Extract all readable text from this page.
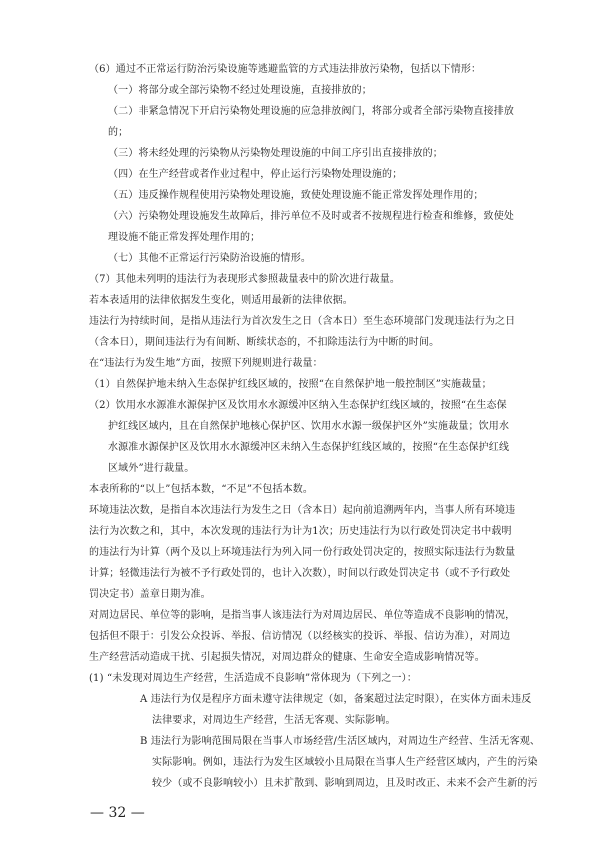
（6）通过不正常运行防治污染设施等逃避监管的方式违法排放污染物，包括以下情形：
（一）将部分或全部污染物不经过处理设施，直接排放的；
（二）非紧急情况下开启污染物处理设施的应急排放阀门，将部分或者全部污染物直接排放
的；
（三）将未经处理的污染物从污染物处理设施的中间工序引出直接排放的；
（四）在生产经营或者作业过程中，停止运行污染物处理设施的；
（五）违反操作规程使用污染物处理设施，致使处理设施不能正常发挥处理作用的；
（六）污染物处理设施发生故障后，排污单位不及时或者不按规程进行检查和维修，致使处
理设施不能正常发挥处理作用的；
（七）其他不正常运行污染防治设施的情形。
（7）其他未列明的违法行为表现形式参照裁量表中的阶次进行裁量。
若本表适用的法律依据发生变化，则适用最新的法律依据。
违法行为持续时间，是指从违法行为首次发生之日（含本日）至生态环境部门发现违法行为之日
（含本日），期间违法行为有间断、断续状态的，不扣除违法行为中断的时间。
在“违法行为发生地”方面，按照下列规则进行裁量：
（1）自然保护地未纳入生态保护红线区域的，按照“在自然保护地一般控制区”实施裁量；
（2）饮用水水源准水源保护区及饮用水水源缓冲区纳入生态保护红线区域的，按照“在生态保
护红线区域内，且在自然保护地核心保护区、饮用水水源一级保护区外”实施裁量；饮用水
水源准水源保护区及饮用水水源缓冲区未纳入生态保护红线区域的，按照“在生态保护红线
区域外”进行裁量。
本表所称的“以上”包括本数，“不足”不包括本数。
环境违法次数，是指自本次违法行为发生之日（含本日）起向前追溯两年内，当事人所有环境违
法行为次数之和，其中，本次发现的违法行为计为1次；历史违法行为以行政处罚决定书中载明
的违法行为计算（两个及以上环境违法行为列入同一份行政处罚决定的，按照实际违法行为数量
计算；轻微违法行为被不予行政处罚的，也计入次数），时间以行政处罚决定书（或不予行政处
罚决定书）盖章日期为准。
对周边居民、单位等的影响，是指当事人该违法行为对周边居民、单位等造成不良影响的情况，
包括但不限于：引发公众投诉、举报、信访情况（以经核实的投诉、举报、信访为准），对周边
生产经营活动造成干扰、引起损失情况，对周边群众的健康、生命安全造成影响情况等。
(1) “未发现对周边生产经营，生活造成不良影响”常体现为（下列之一）：
A 违法行为仅是程序方面未遵守法律规定（如，备案超过法定时限），在实体方面未违反
法律要求，对周边生产经营，生活无客观、实际影响。
B 违法行为影响范围局限在当事人市场经营/生活区域内，对周边生产经营、生活无客观、
实际影响。例如，违法行为发生区域较小且局限在当事人生产经营区域内，产生的污染
较少（或不良影响较小）且未扩散到、影响到周边，且及时改正、未来不会产生新的污
— 32 —
